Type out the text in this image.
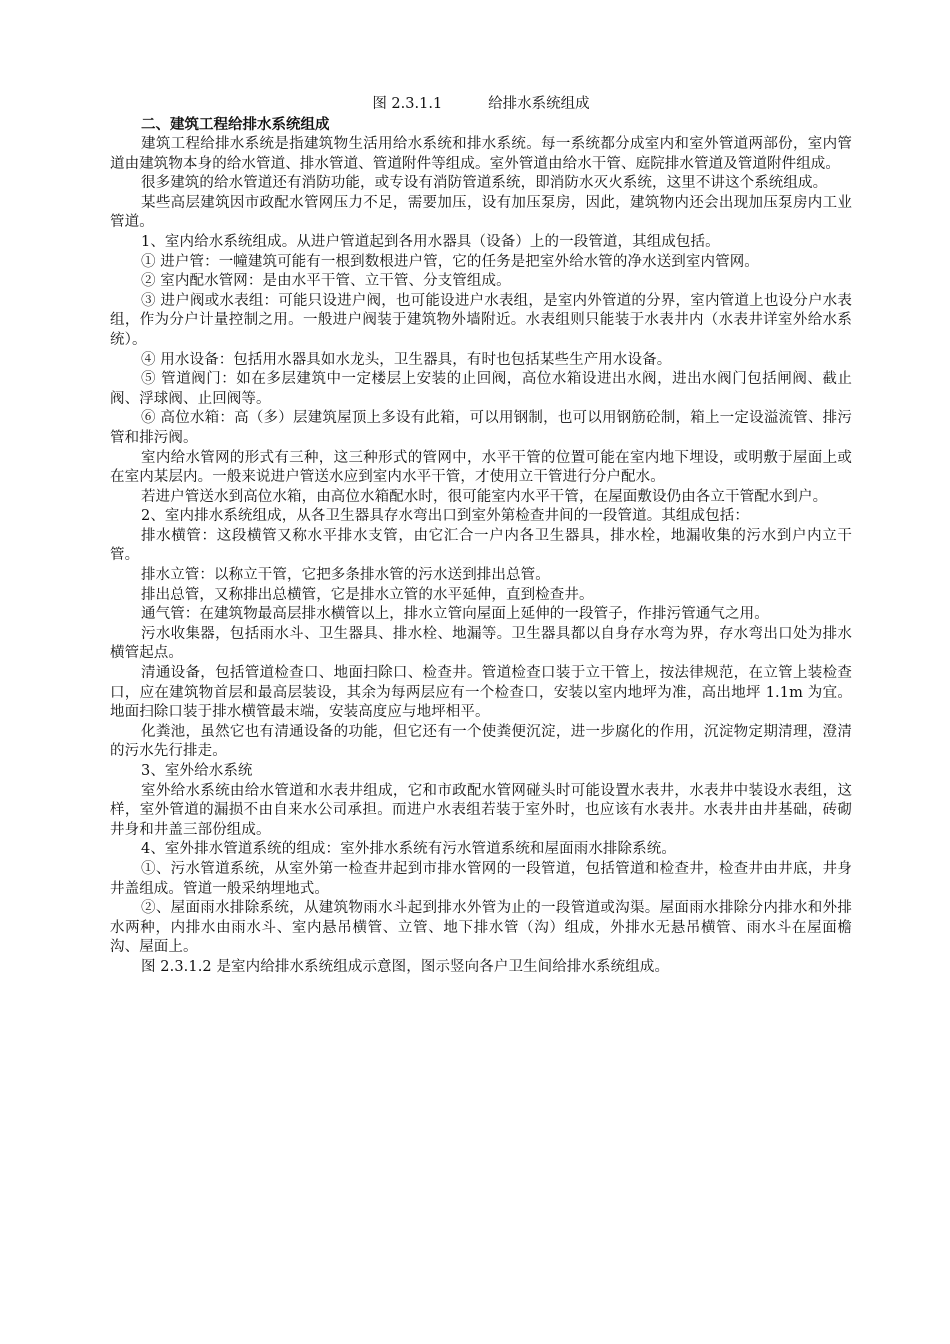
图 2.3.1.1	给排水系统组成

二、建筑工程给排水系统组成

建筑工程给排水系统是指建筑物生活用给水系统和排水系统。每一系统都分成室内和室外管道两部份，室内管道由建筑物本身的给水管道、排水管道、管道附件等组成。室外管道由给水干管、庭院排水管道及管道附件组成。

很多建筑的给水管道还有消防功能，或专设有消防管道系统，即消防水灭火系统，这里不讲这个系统组成。

某些高层建筑因市政配水管网压力不足，需要加压，设有加压泵房，因此，建筑物内还会出现加压泵房内工业管道。

1、室内给水系统组成。从进户管道起到各用水器具（设备）上的一段管道，其组成包括。

① 进户管：一幢建筑可能有一根到数根进户管，它的任务是把室外给水管的净水送到室内管网。

② 室内配水管网：是由水平干管、立干管、分支管组成。

③ 进户阀或水表组：可能只设进户阀，也可能设进户水表组，是室内外管道的分界，室内管道上也设分户水表组，作为分户计量控制之用。一般进户阀装于建筑物外墙附近。水表组则只能装于水表井内（水表井详室外给水系统）。

④ 用水设备：包括用水器具如水龙头，卫生器具，有时也包括某些生产用水设备。

⑤ 管道阀门：如在多层建筑中一定楼层上安装的止回阀，高位水箱设进出水阀，进出水阀门包括闸阀、截止阀、浮球阀、止回阀等。

⑥ 高位水箱：高（多）层建筑屋顶上多设有此箱，可以用钢制，也可以用钢筋砼制，箱上一定设溢流管、排污管和排污阀。

室内给水管网的形式有三种，这三种形式的管网中，水平干管的位置可能在室内地下埋设，或明敷于屋面上或在室内某层内。一般来说进户管送水应到室内水平干管，才使用立干管进行分户配水。

若进户管送水到高位水箱，由高位水箱配水时，很可能室内水平干管，在屋面敷设仍由各立干管配水到户。

2、室内排水系统组成，从各卫生器具存水弯出口到室外第检查井间的一段管道。其组成包括：

排水横管：这段横管又称水平排水支管，由它汇合一户内各卫生器具，排水栓，地漏收集的污水到户内立干管。

排水立管：以称立干管，它把多条排水管的污水送到排出总管。

排出总管，又称排出总横管，它是排水立管的水平延伸，直到检查井。

通气管：在建筑物最高层排水横管以上，排水立管向屋面上延伸的一段管子，作排污管通气之用。

污水收集器，包括雨水斗、卫生器具、排水栓、地漏等。卫生器具都以自身存水弯为界，存水弯出口处为排水横管起点。

清通设备，包括管道检查口、地面扫除口、检查井。管道检查口装于立干管上，按法律规范，在立管上装检查口，应在建筑物首层和最高层装设，其余为每两层应有一个检查口，安装以室内地坪为准，高出地坪 1.1m 为宜。地面扫除口装于排水横管最末端，安装高度应与地坪相平。

化粪池，虽然它也有清通设备的功能，但它还有一个使粪便沉淀，进一步腐化的作用，沉淀物定期清理，澄清的污水先行排走。

3、室外给水系统

室外给水系统由给水管道和水表井组成，它和市政配水管网碰头时可能设置水表井，水表井中装设水表组，这样，室外管道的漏损不由自来水公司承担。而进户水表组若装于室外时，也应该有水表井。水表井由井基础，砖砌井身和井盖三部份组成。

4、室外排水管道系统的组成：室外排水系统有污水管道系统和屋面雨水排除系统。

①、污水管道系统，从室外第一检查井起到市排水管网的一段管道，包括管道和检查井，检查井由井底，井身井盖组成。管道一般采纳埋地式。

②、屋面雨水排除系统，从建筑物雨水斗起到排水外管为止的一段管道或沟渠。屋面雨水排除分内排水和外排水两种，内排水由雨水斗、室内悬吊横管、立管、地下排水管（沟）组成，外排水无悬吊横管、雨水斗在屋面檐沟、屋面上。

图 2.3.1.2 是室内给排水系统组成示意图，图示竖向各户卫生间给排水系统组成。
